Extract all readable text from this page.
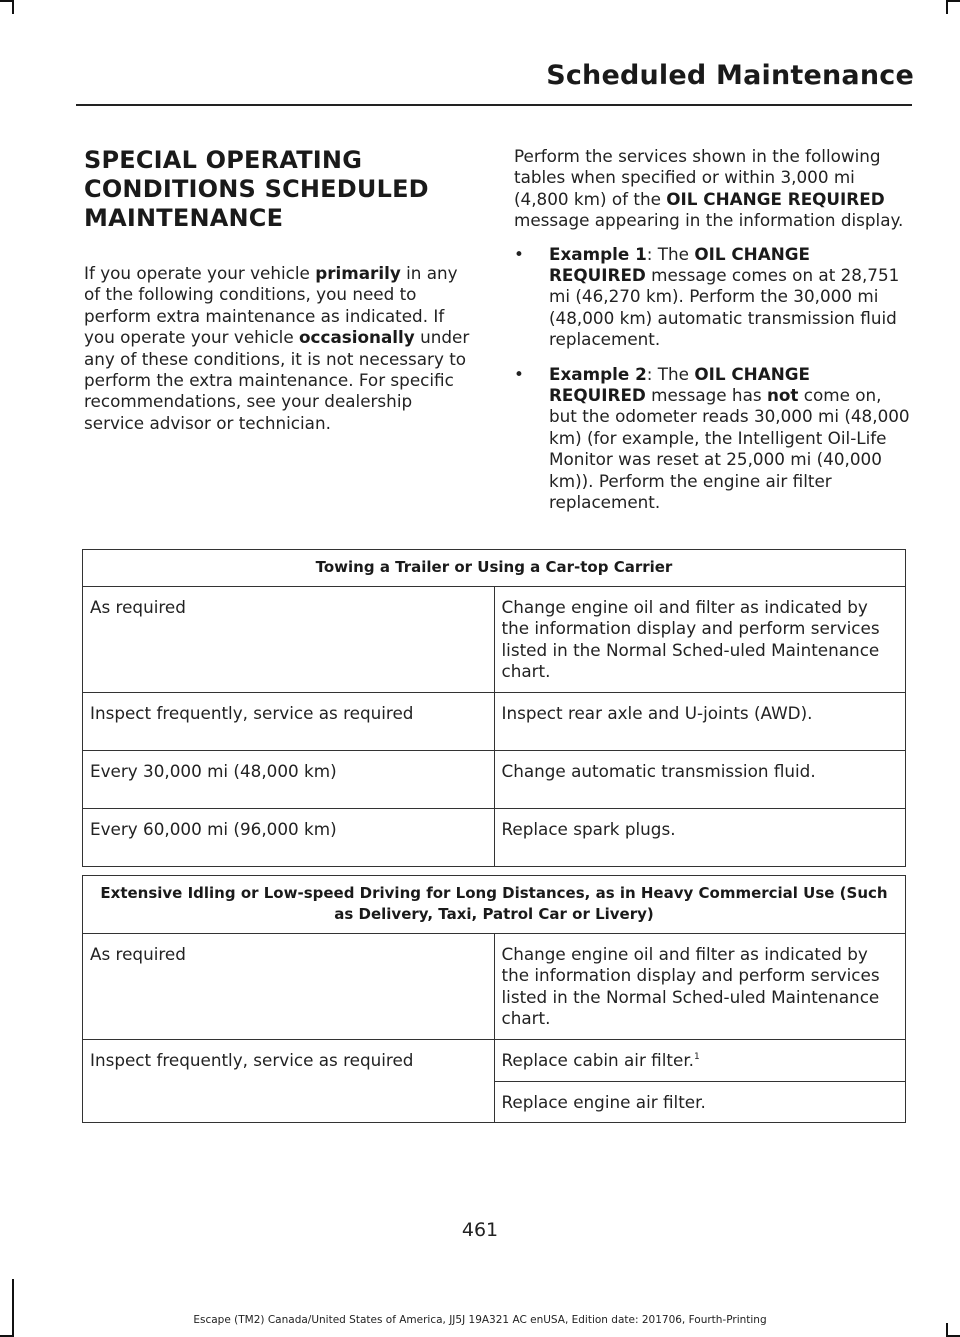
Scheduled Maintenance
SPECIAL OPERATING CONDITIONS SCHEDULED MAINTENANCE

If you operate your vehicle primarily in any of the following conditions, you need to perform extra maintenance as indicated. If you operate your vehicle occasionally under any of these conditions, it is not necessary to perform the extra maintenance. For specific recommendations, see your dealership service advisor or technician.

Perform the services shown in the following tables when specified or within 3,000 mi (4,800 km) of the OIL CHANGE REQUIRED message appearing in the information display.

• Example 1: The OIL CHANGE REQUIRED message comes on at 28,751 mi (46,270 km). Perform the 30,000 mi (48,000 km) automatic transmission fluid replacement.
• Example 2: The OIL CHANGE REQUIRED message has not come on, but the odometer reads 30,000 mi (48,000 km) (for example, the Intelligent Oil-Life Monitor was reset at 25,000 mi (40,000 km)). Perform the engine air filter replacement.
Towing a Trailer or Using a Car-top Carrier	
As required	Change engine oil and filter as indicated by the information display and perform services listed in the Normal Sched-uled Maintenance chart.
Inspect frequently, service as required	Inspect rear axle and U-joints (AWD).
Every 30,000 mi (48,000 km)	Change automatic transmission fluid.
Every 60,000 mi (96,000 km)	Replace spark plugs.
Extensive Idling or Low-speed Driving for Long Distances, as in Heavy Commercial Use (Such as Delivery, Taxi, Patrol Car or Livery)	
As required	Change engine oil and filter as indicated by the information display and perform services listed in the Normal Sched-uled Maintenance chart.
Inspect frequently, service as required	Replace cabin air filter.$^1$
	Replace engine air filter.
461
Escape (TM2) Canada/United States of America, JJ5J 19A321 AC enUSA, Edition date: 201706, Fourth-Printing
